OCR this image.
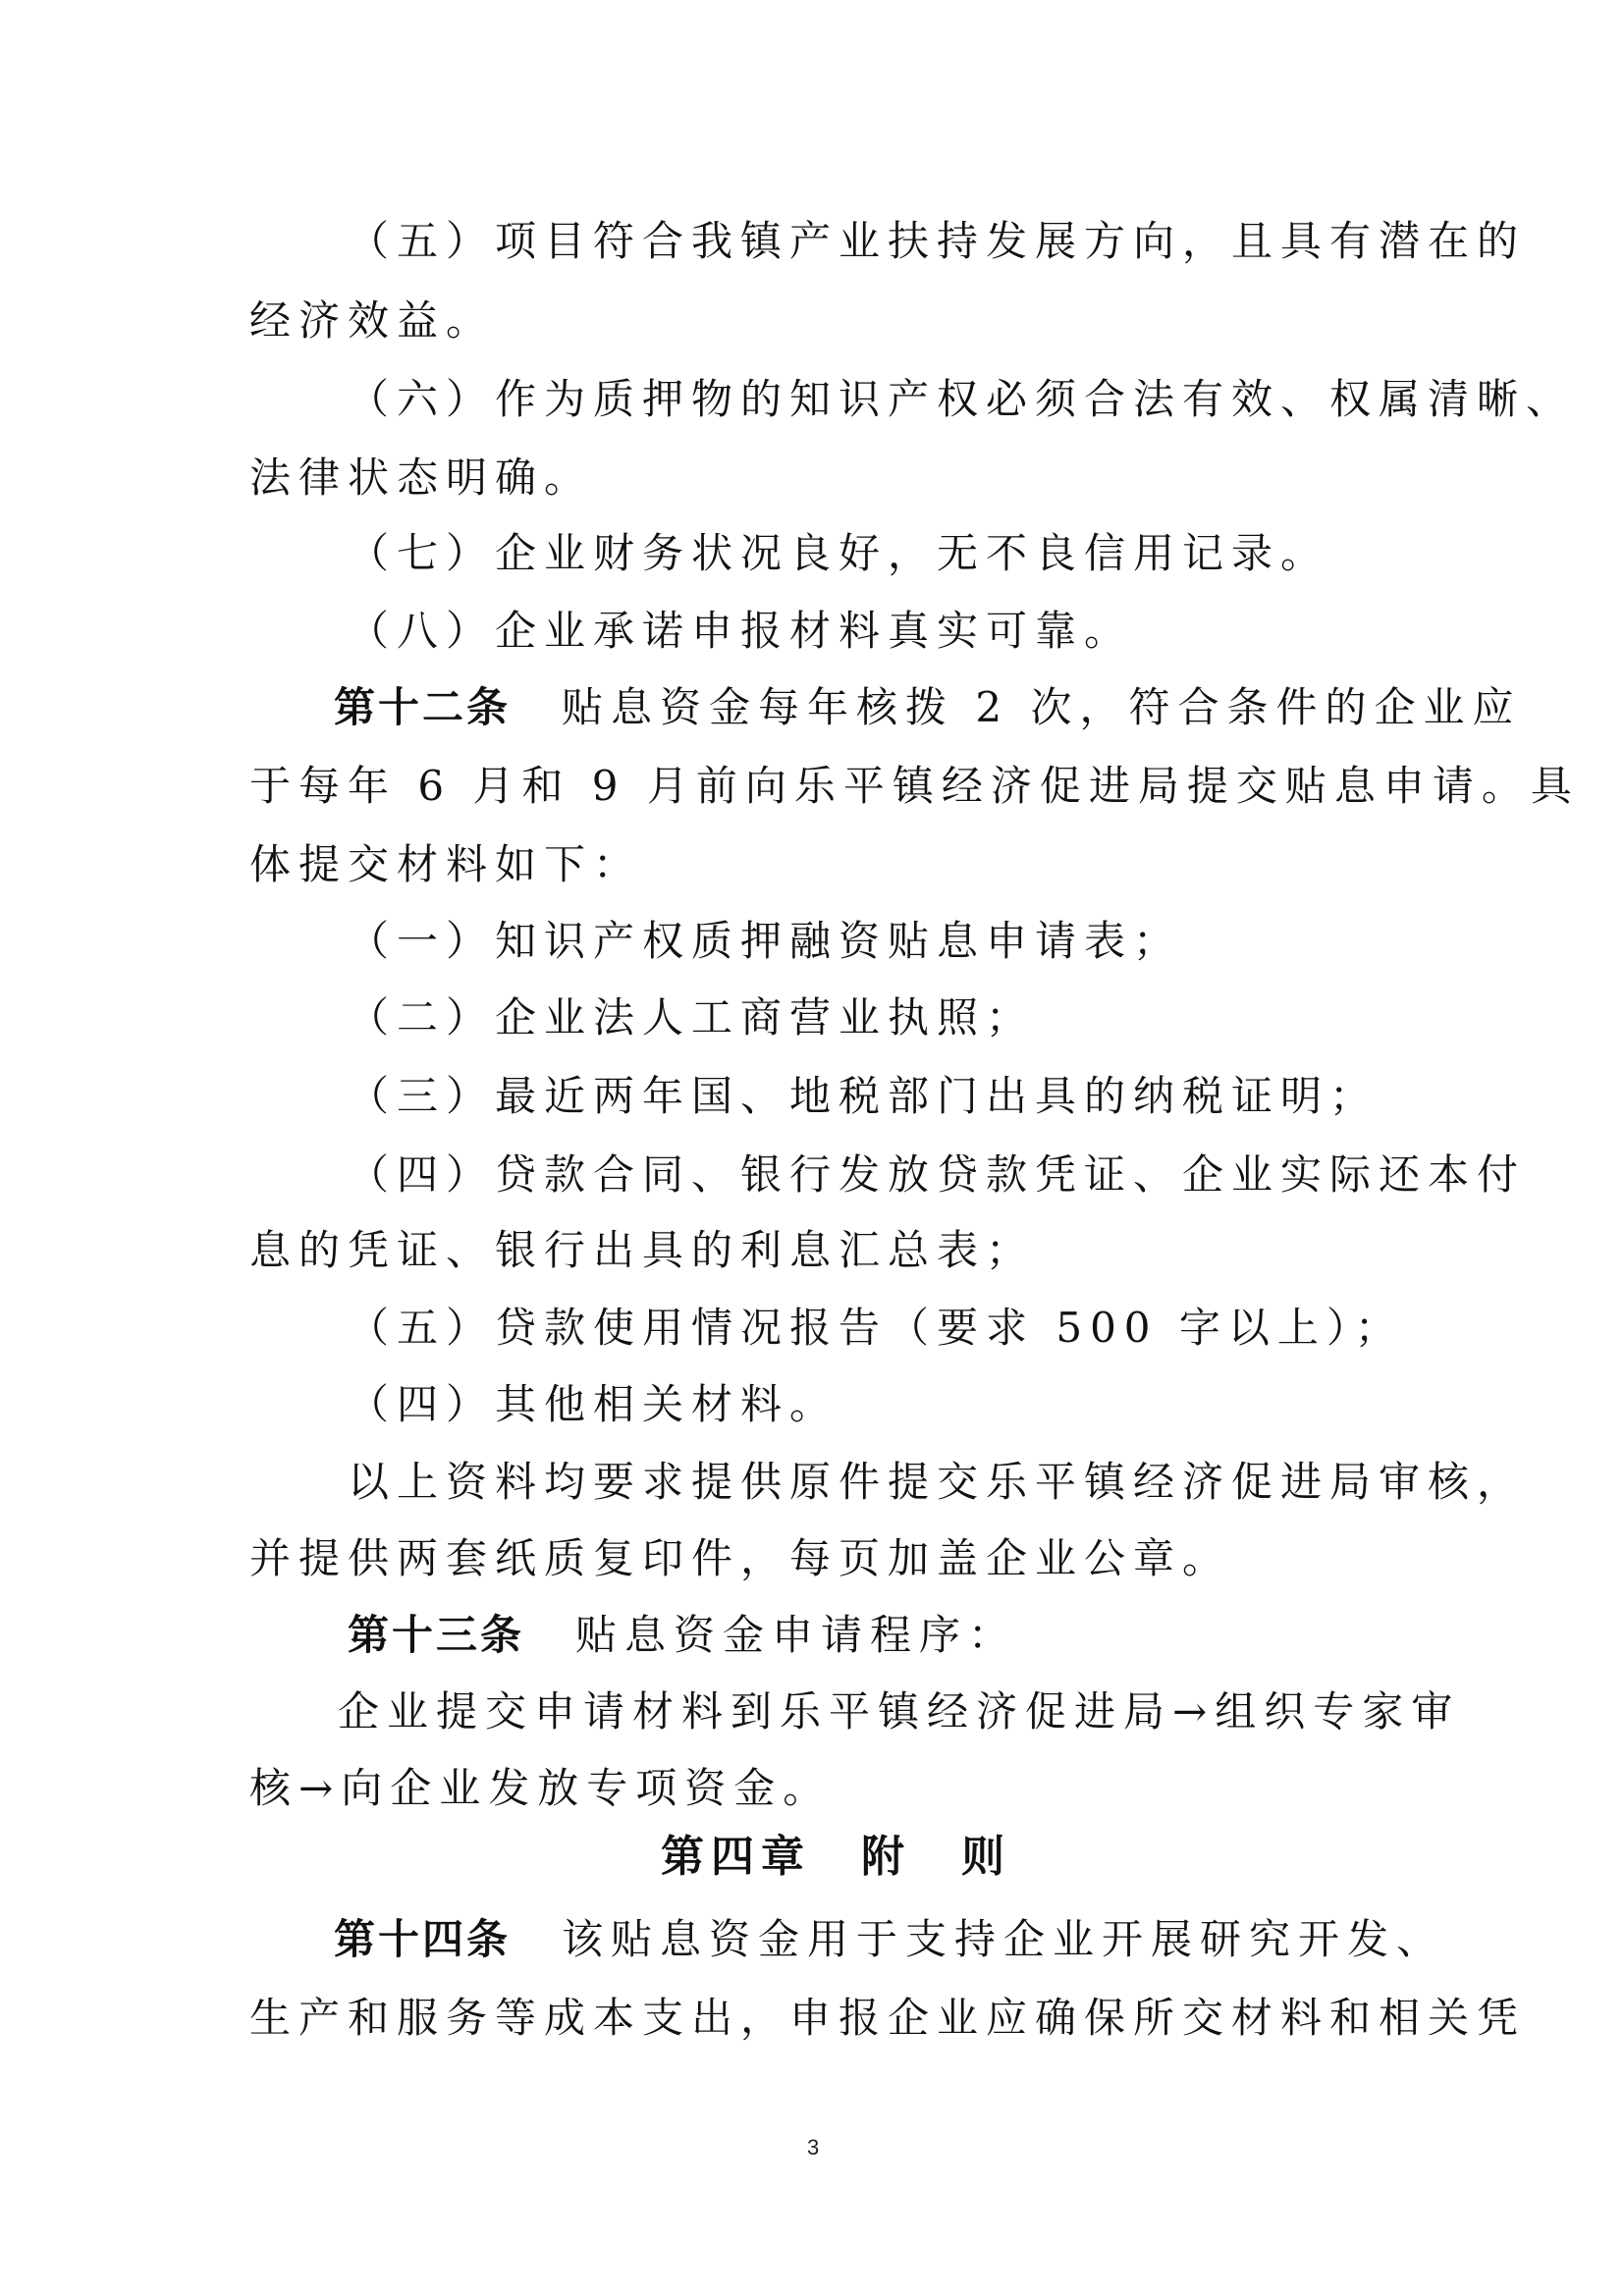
（五）项目符合我镇产业扶持发展方向，且具有潜在的
经济效益。
（六）作为质押物的知识产权必须合法有效、权属清晰、
法律状态明确。
（七）企业财务状况良好，无不良信用记录。
（八）企业承诺申报材料真实可靠。
第十二条 贴息资金每年核拨 2 次，符合条件的企业应
于每年 6 月和 9 月前向乐平镇经济促进局提交贴息申请。具
体提交材料如下：
（一）知识产权质押融资贴息申请表；
（二）企业法人工商营业执照；
（三）最近两年国、地税部门出具的纳税证明；
（四）贷款合同、银行发放贷款凭证、企业实际还本付
息的凭证、银行出具的利息汇总表；
（五）贷款使用情况报告（要求 500 字以上）；
（四）其他相关材料。
以上资料均要求提供原件提交乐平镇经济促进局审核，
并提供两套纸质复印件，每页加盖企业公章。
第十三条 贴息资金申请程序：
企业提交申请材料到乐平镇经济促进局→组织专家审
核→向企业发放专项资金。
第四章　附　则
第十四条 该贴息资金用于支持企业开展研究开发、
生产和服务等成本支出，申报企业应确保所交材料和相关凭
3
